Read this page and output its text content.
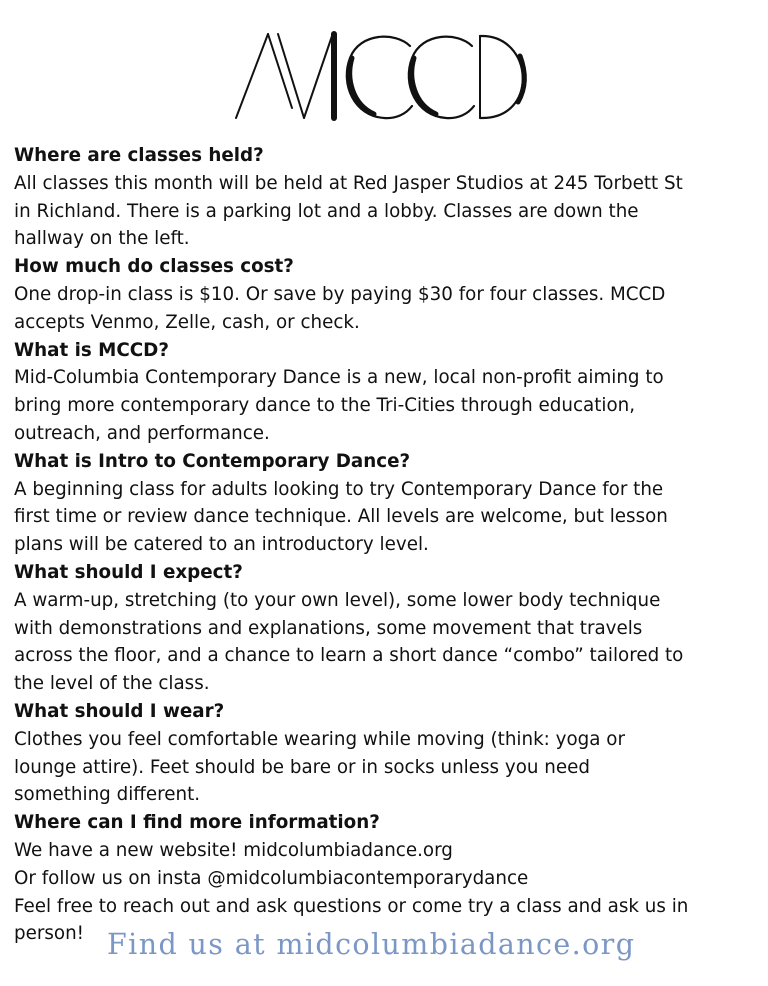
Where are classes held?

All classes this month will be held at Red Jasper Studios at 245 Torbett St
in Richland. There is a parking lot and a lobby. Classes are down the
hallway on the left.

How much do classes cost?

One drop-in class is $10. Or save by paying $30 for four classes. MCCD
accepts Venmo, Zelle, cash, or check.

What is MCCD?

Mid-Columbia Contemporary Dance is a new, local non-profit aiming to
bring more contemporary dance to the Tri-Cities through education,
outreach, and performance.

What is Intro to Contemporary Dance?

A beginning class for adults looking to try Contemporary Dance for the
first time or review dance technique. All levels are welcome, but lesson
plans will be catered to an introductory level.

What should I expect?

A warm-up, stretching (to your own level), some lower body technique
with demonstrations and explanations, some movement that travels
across the floor, and a chance to learn a short dance “combo” tailored to
the level of the class.

What should I wear?

Clothes you feel comfortable wearing while moving (think: yoga or
lounge attire). Feet should be bare or in socks unless you need
something different.

Where can I find more information?

We have a new website! midcolumbiadance.org
Or follow us on insta @midcolumbiacontemporarydance
Feel free to reach out and ask questions or come try a class and ask us in
person! Find us at midcolumbiadance.org
